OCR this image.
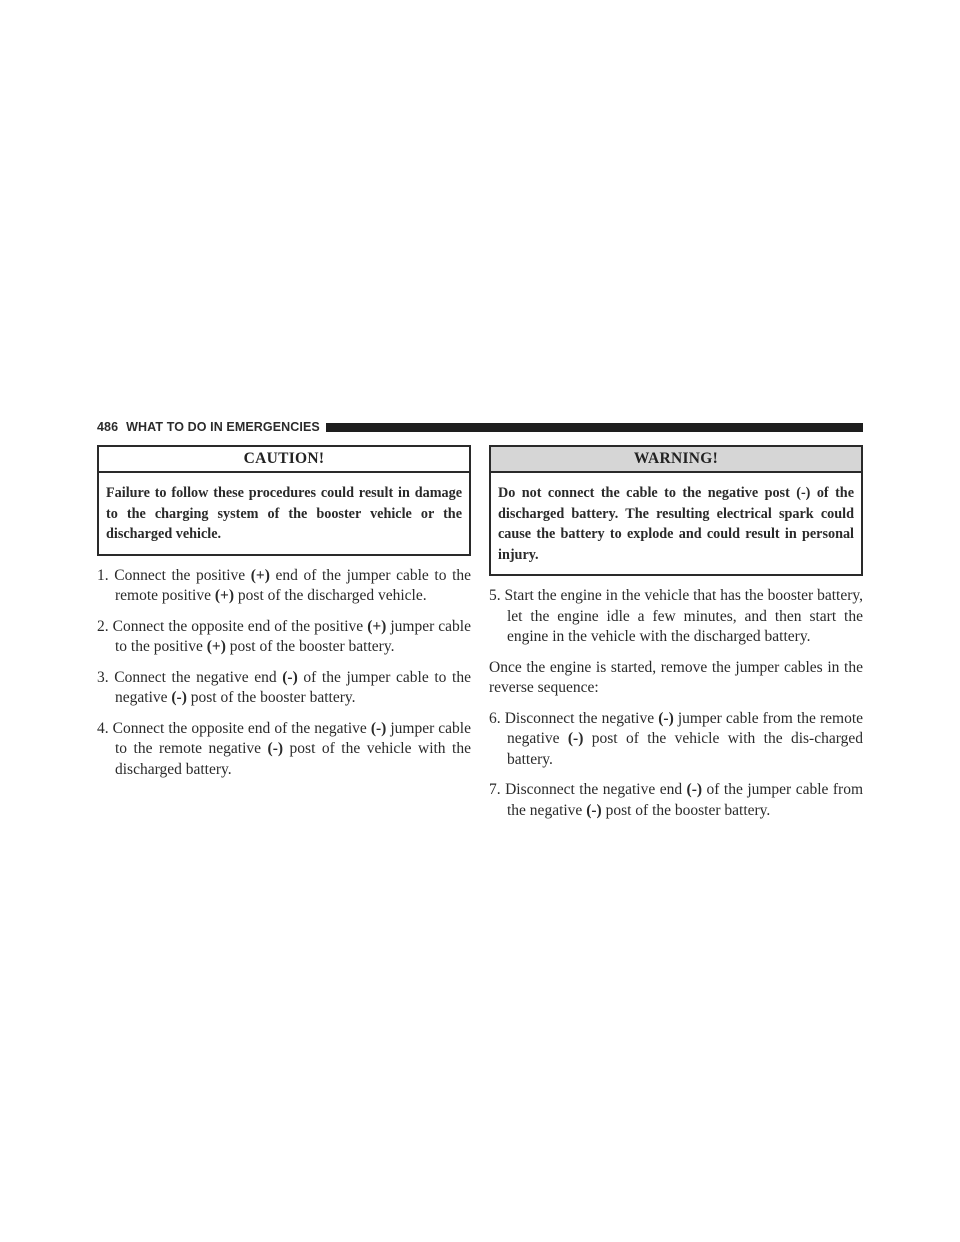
486 WHAT TO DO IN EMERGENCIES
CAUTION!
Failure to follow these procedures could result in damage to the charging system of the booster vehicle or the discharged vehicle.

1. Connect the positive (+) end of the jumper cable to the remote positive (+) post of the discharged vehicle.

2. Connect the opposite end of the positive (+) jumper cable to the positive (+) post of the booster battery.

3. Connect the negative end (-) of the jumper cable to the negative (-) post of the booster battery.

4. Connect the opposite end of the negative (-) jumper cable to the remote negative (-) post of the vehicle with the discharged battery.

WARNING!
Do not connect the cable to the negative post (-) of the discharged battery. The resulting electrical spark could cause the battery to explode and could result in personal injury.

5. Start the engine in the vehicle that has the booster battery, let the engine idle a few minutes, and then start the engine in the vehicle with the discharged battery.

Once the engine is started, remove the jumper cables in the reverse sequence:

6. Disconnect the negative (-) jumper cable from the remote negative (-) post of the vehicle with the dis-charged battery.

7. Disconnect the negative end (-) of the jumper cable from the negative (-) post of the booster battery.
